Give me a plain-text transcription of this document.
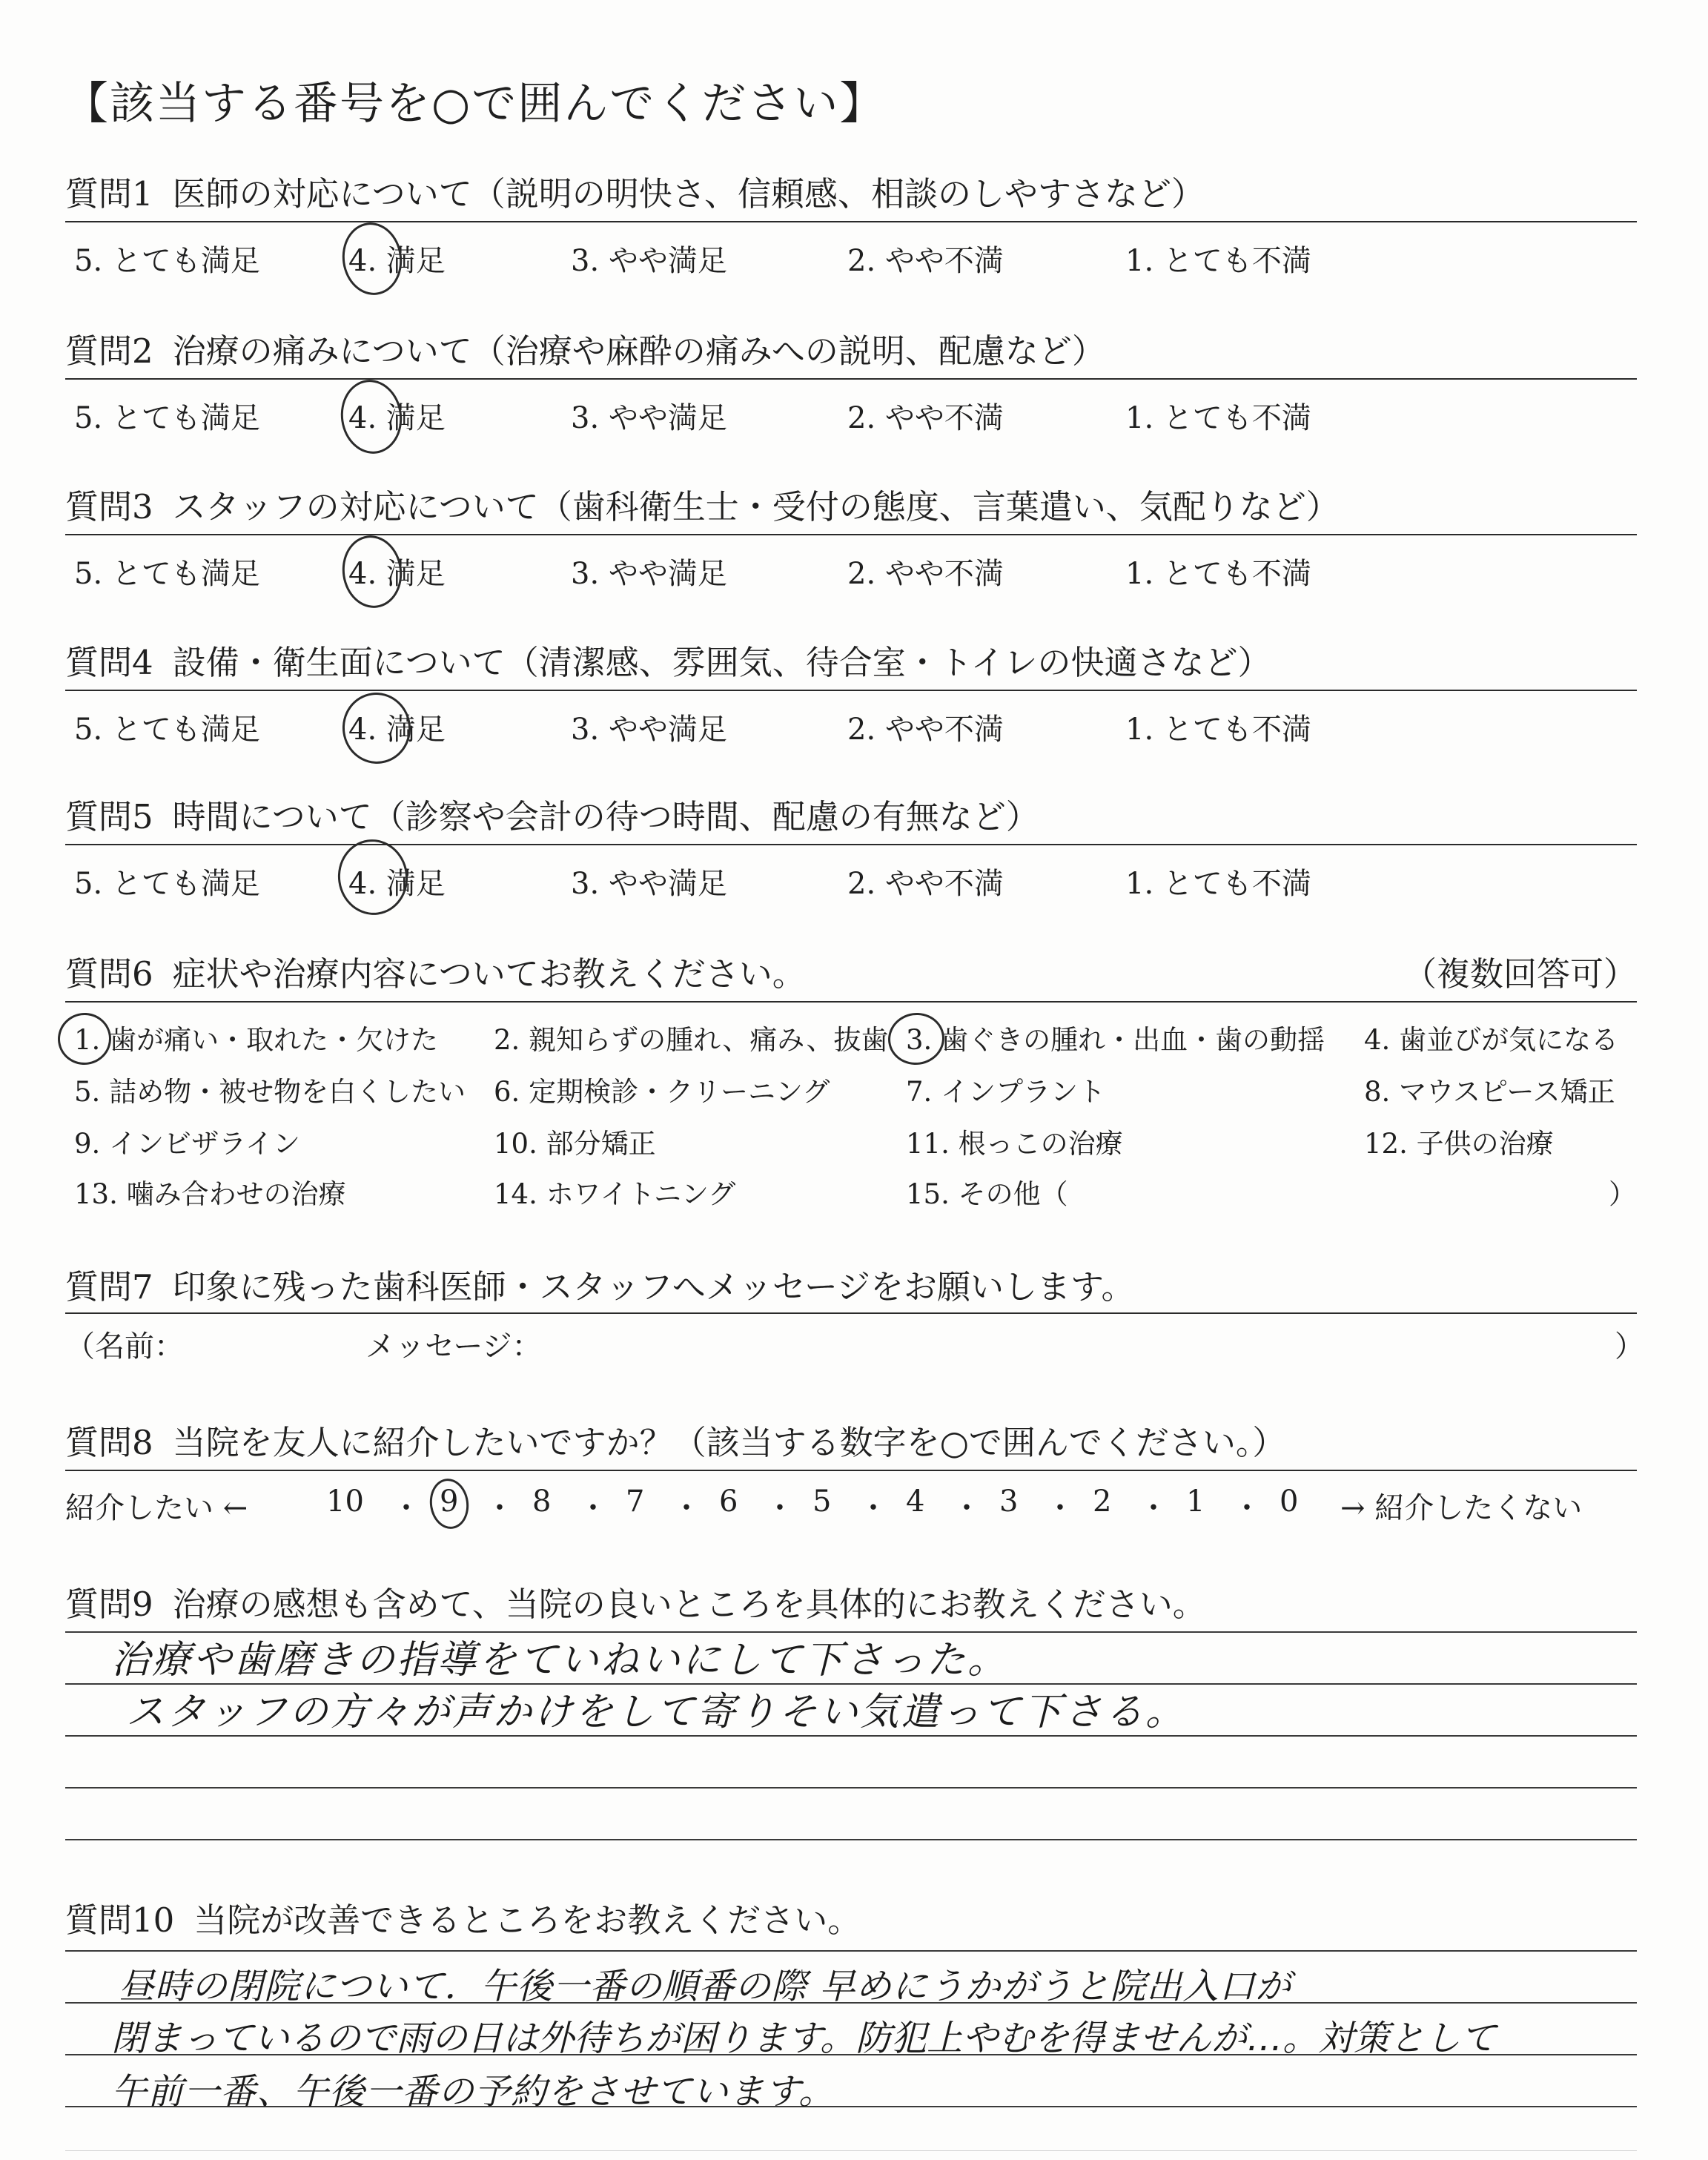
【該当する番号を○で囲んでください】
質問1 医師の対応について（説明の明快さ、信頼感、相談のしやすさなど）
5. とても満足	4. 満足	3. やや満足	2. やや不満	1. とても不満
質問2 治療の痛みについて（治療や麻酔の痛みへの説明、配慮など）
5. とても満足	4. 満足	3. やや満足	2. やや不満	1. とても不満
質問3 スタッフの対応について（歯科衛生士・受付の態度、言葉遣い、気配りなど）
5. とても満足	4. 満足	3. やや満足	2. やや不満	1. とても不満
質問4 設備・衛生面について（清潔感、雰囲気、待合室・トイレの快適さなど）
5. とても満足	4. 満足	3. やや満足	2. やや不満	1. とても不満
質問5 時間について（診察や会計の待つ時間、配慮の有無など）
5. とても満足	4. 満足	3. やや満足	2. やや不満	1. とても不満
質問6 症状や治療内容についてお教えください。	（複数回答可）
1. 歯が痛い・取れた・欠けた 2. 親知らずの腫れ、痛み、抜歯 3. 歯ぐきの腫れ・出血・歯の動揺 4. 歯並びが気になる
5. 詰め物・被せ物を白くしたい 6. 定期検診・クリーニング	7. インプラント	8. マウスピース矯正
9. インビザライン	10. 部分矯正	11. 根っこの治療	12. 子供の治療
13. 噛み合わせの治療	14. ホワイトニング	15. その他（	）
質問7 印象に残った歯科医師・スタッフへメッセージをお願いします。
（名前：	メッセージ：	）
質問8 当院を友人に紹介したいですか？（該当する数字を○で囲んでください。）
紹介したい ←	10 ・ 9 ・ 8 ・ 7 ・ 6 ・ 5 ・ 4 ・ 3 ・ 2 ・ 1 ・ 0 → 紹介したくない
質問9 治療の感想も含めて、当院の良いところを具体的にお教えください。
治療や歯磨きの指導をていねいにして下さった。
スタッフの方々が声かけをして寄りそい気遣って下さる。
質問10 当院が改善できるところをお教えください。
昼時の閉院について．午後一番の順番の際 早めにうかがうと院出入口が
閉まっているので雨の日は外待ちが困ります。防犯上やむを得ませんが…。対策として
午前一番、午後一番の予約をさせています。
